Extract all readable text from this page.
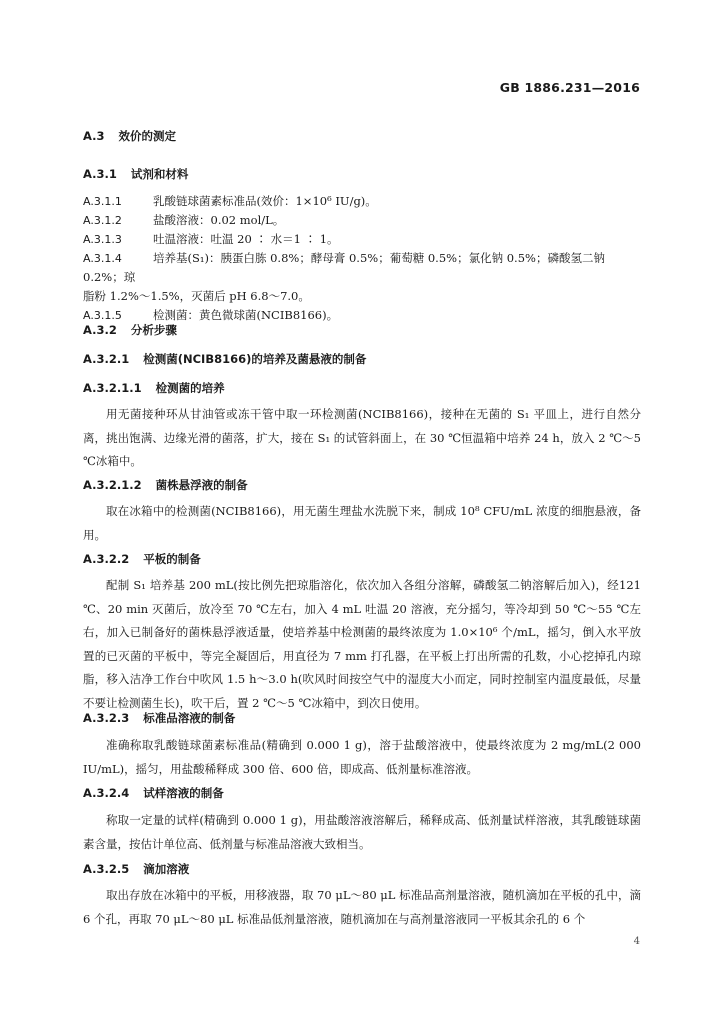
GB 1886.231—2016
A.3 效价的测定
A.3.1 试剂和材料
A.3.1.1	乳酸链球菌素标准品(效价：1×10⁶ IU/g)。
A.3.1.2	盐酸溶液：0.02 mol/L。
A.3.1.3	吐温溶液：吐温 20 ∶ 水＝1 ∶ 1。
A.3.1.4	培养基(S₁)：胰蛋白胨 0.8%；酵母膏 0.5%；葡萄糖 0.5%；氯化钠 0.5%；磷酸氢二钠 0.2%；琼
脂粉 1.2%～1.5%，灭菌后 pH 6.8～7.0。
A.3.1.5	检测菌：黄色微球菌(NCIB8166)。
A.3.2 分析步骤
A.3.2.1 检测菌(NCIB8166)的培养及菌悬液的制备
A.3.2.1.1 检测菌的培养

用无菌接种环从甘油管或冻干管中取一环检测菌(NCIB8166)，接种在无菌的 S₁ 平皿上，进行自然分离，挑出饱满、边缘光滑的菌落，扩大，接在 S₁ 的试管斜面上，在 30 ℃恒温箱中培养 24 h，放入 2 ℃～5 ℃冰箱中。

A.3.2.1.2 菌株悬浮液的制备

取在冰箱中的检测菌(NCIB8166)，用无菌生理盐水洗脱下来，制成 10⁸ CFU/mL 浓度的细胞悬液，备用。

A.3.2.2 平板的制备

配制 S₁ 培养基 200 mL(按比例先把琼脂溶化，依次加入各组分溶解，磷酸氢二钠溶解后加入)，经121 ℃、20 min 灭菌后，放冷至 70 ℃左右，加入 4 mL 吐温 20 溶液，充分摇匀，等冷却到 50 ℃～55 ℃左右，加入已制备好的菌株悬浮液适量，使培养基中检测菌的最终浓度为 1.0×10⁶ 个/mL，摇匀，倒入水平放置的已灭菌的平板中，等完全凝固后，用直径为 7 mm 打孔器，在平板上打出所需的孔数，小心挖掉孔内琼脂，移入洁净工作台中吹风 1.5 h～3.0 h(吹风时间按空气中的湿度大小而定，同时控制室内温度最低，尽量不要让检测菌生长)，吹干后，置 2 ℃～5 ℃冰箱中，到次日使用。

A.3.2.3 标准品溶液的制备

准确称取乳酸链球菌素标准品(精确到 0.000 1 g)，溶于盐酸溶液中，使最终浓度为 2 mg/mL(2 000 IU/mL)，摇匀，用盐酸稀释成 300 倍、600 倍，即成高、低剂量标准溶液。

A.3.2.4 试样溶液的制备

称取一定量的试样(精确到 0.000 1 g)，用盐酸溶液溶解后，稀释成高、低剂量试样溶液，其乳酸链球菌素含量，按估计单位高、低剂量与标准品溶液大致相当。

A.3.2.5 滴加溶液

取出存放在冰箱中的平板，用移液器，取 70 μL～80 μL 标准品高剂量溶液，随机滴加在平板的孔中，滴 6 个孔，再取 70 μL～80 μL 标准品低剂量溶液，随机滴加在与高剂量溶液同一平板其余孔的 6 个

4
